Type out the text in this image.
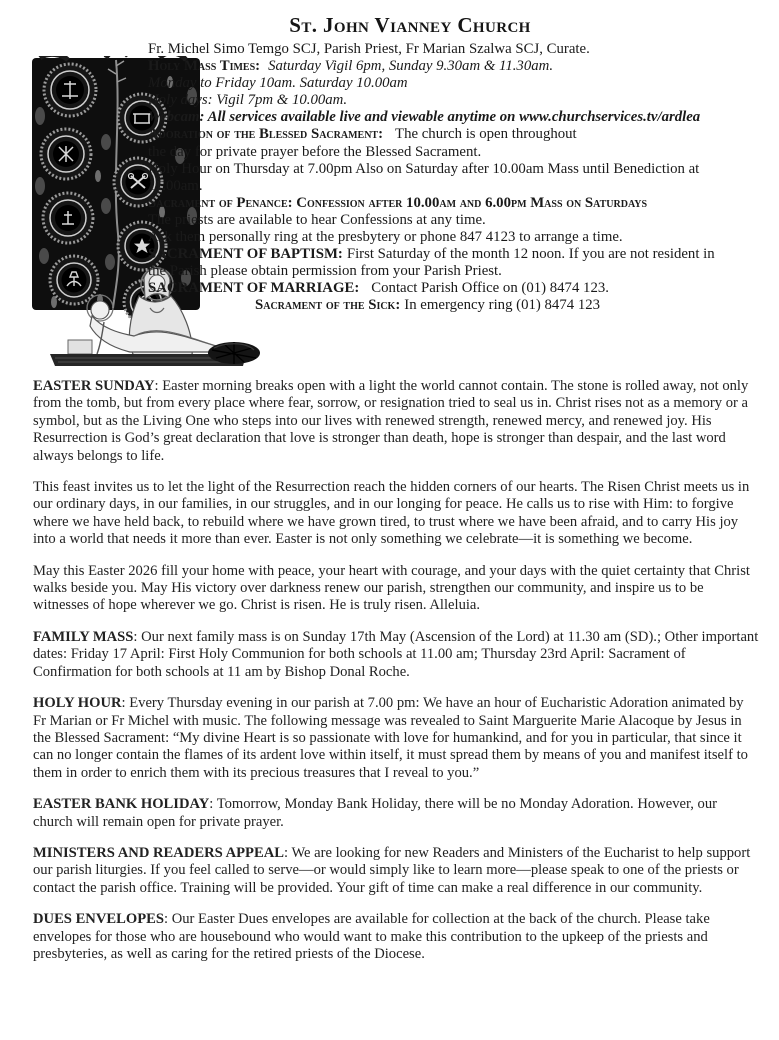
St. John Vianney Church
Fr. Michel Simo Temgo SCJ, Parish Priest, Fr Marian Szalwa SCJ, Curate.
Holy Mass Times: Saturday Vigil 6pm, Sunday 9.30am & 11.30am.
Monday to Friday 10am. Saturday 10.00am
Holy days: Vigil 7pm & 10.00am.
Webcam: All services available live and viewable anytime on www.churchservices.tv/ardlea
Adoration of the Blessed Sacrament: The church is open throughout
the day for private prayer before the Blessed Sacrament.
Holy Hour on Thursday at 7.00pm Also on Saturday after 10.00am Mass until Benediction at
11.00am.
Sacrament of Penance: Confession after 10.00am and 6.00pm Mass on Saturdays
The priests are available to hear Confessions at any time.
Ask them personally ring at the presbytery or phone 847 4123 to arrange a time.
SACRAMENT OF BAPTISM: First Saturday of the month 12 noon. If you are not resident in
the Parish please obtain permission from your Parish Priest.
SACRAMENT OF MARRIAGE: Contact Parish Office on (01) 8474 123.
Sacrament of the Sick: In emergency ring (01) 8474 123

EASTER SUNDAY: Easter morning breaks open with a light the world cannot contain. The stone is rolled away, not only from the tomb, but from every place where fear, sorrow, or resignation tried to seal us in. Christ rises not as a memory or a symbol, but as the Living One who steps into our lives with renewed strength, renewed mercy, and renewed joy. His Resurrection is God’s great declaration that love is stronger than death, hope is stronger than despair, and the last word always belongs to life.

This feast invites us to let the light of the Resurrection reach the hidden corners of our hearts. The Risen Christ meets us in our ordinary days, in our families, in our struggles, and in our longing for peace. He calls us to rise with Him: to forgive where we have held back, to rebuild where we have grown tired, to trust where we have been afraid, and to carry His joy into a world that needs it more than ever. Easter is not only something we celebrate—it is something we become.

May this Easter 2026 fill your home with peace, your heart with courage, and your days with the quiet certainty that Christ walks beside you. May His victory over darkness renew our parish, strengthen our community, and inspire us to be witnesses of hope wherever we go. Christ is risen. He is truly risen. Alleluia.

FAMILY MASS: Our next family mass is on Sunday 17th May (Ascension of the Lord) at 11.30 am (SD).; Other important dates: Friday 17 April: First Holy Communion for both schools at 11.00 am; Thursday 23rd April: Sacrament of Confirmation for both schools at 11 am by Bishop Donal Roche.

HOLY HOUR: Every Thursday evening in our parish at 7.00 pm: We have an hour of Eucharistic Adoration animated by Fr Marian or Fr Michel with music. The following message was revealed to Saint Marguerite Marie Alacoque by Jesus in the Blessed Sacrament: “My divine Heart is so passionate with love for humankind, and for you in particular, that since it can no longer contain the flames of its ardent love within itself, it must spread them by means of you and manifest itself to them in order to enrich them with its precious treasures that I reveal to you.”

EASTER BANK HOLIDAY: Tomorrow, Monday Bank Holiday, there will be no Monday Adoration. However, our church will remain open for private prayer.

MINISTERS AND READERS APPEAL: We are looking for new Readers and Ministers of the Eucharist to help support our parish liturgies. If you feel called to serve—or would simply like to learn more—please speak to one of the priests or contact the parish office. Training will be provided. Your gift of time can make a real difference in our community.

DUES ENVELOPES: Our Easter Dues envelopes are available for collection at the back of the church. Please take envelopes for those who are housebound who would want to make this contribution to the upkeep of the priests and presbyteries, as well as caring for the retired priests of the Diocese.
